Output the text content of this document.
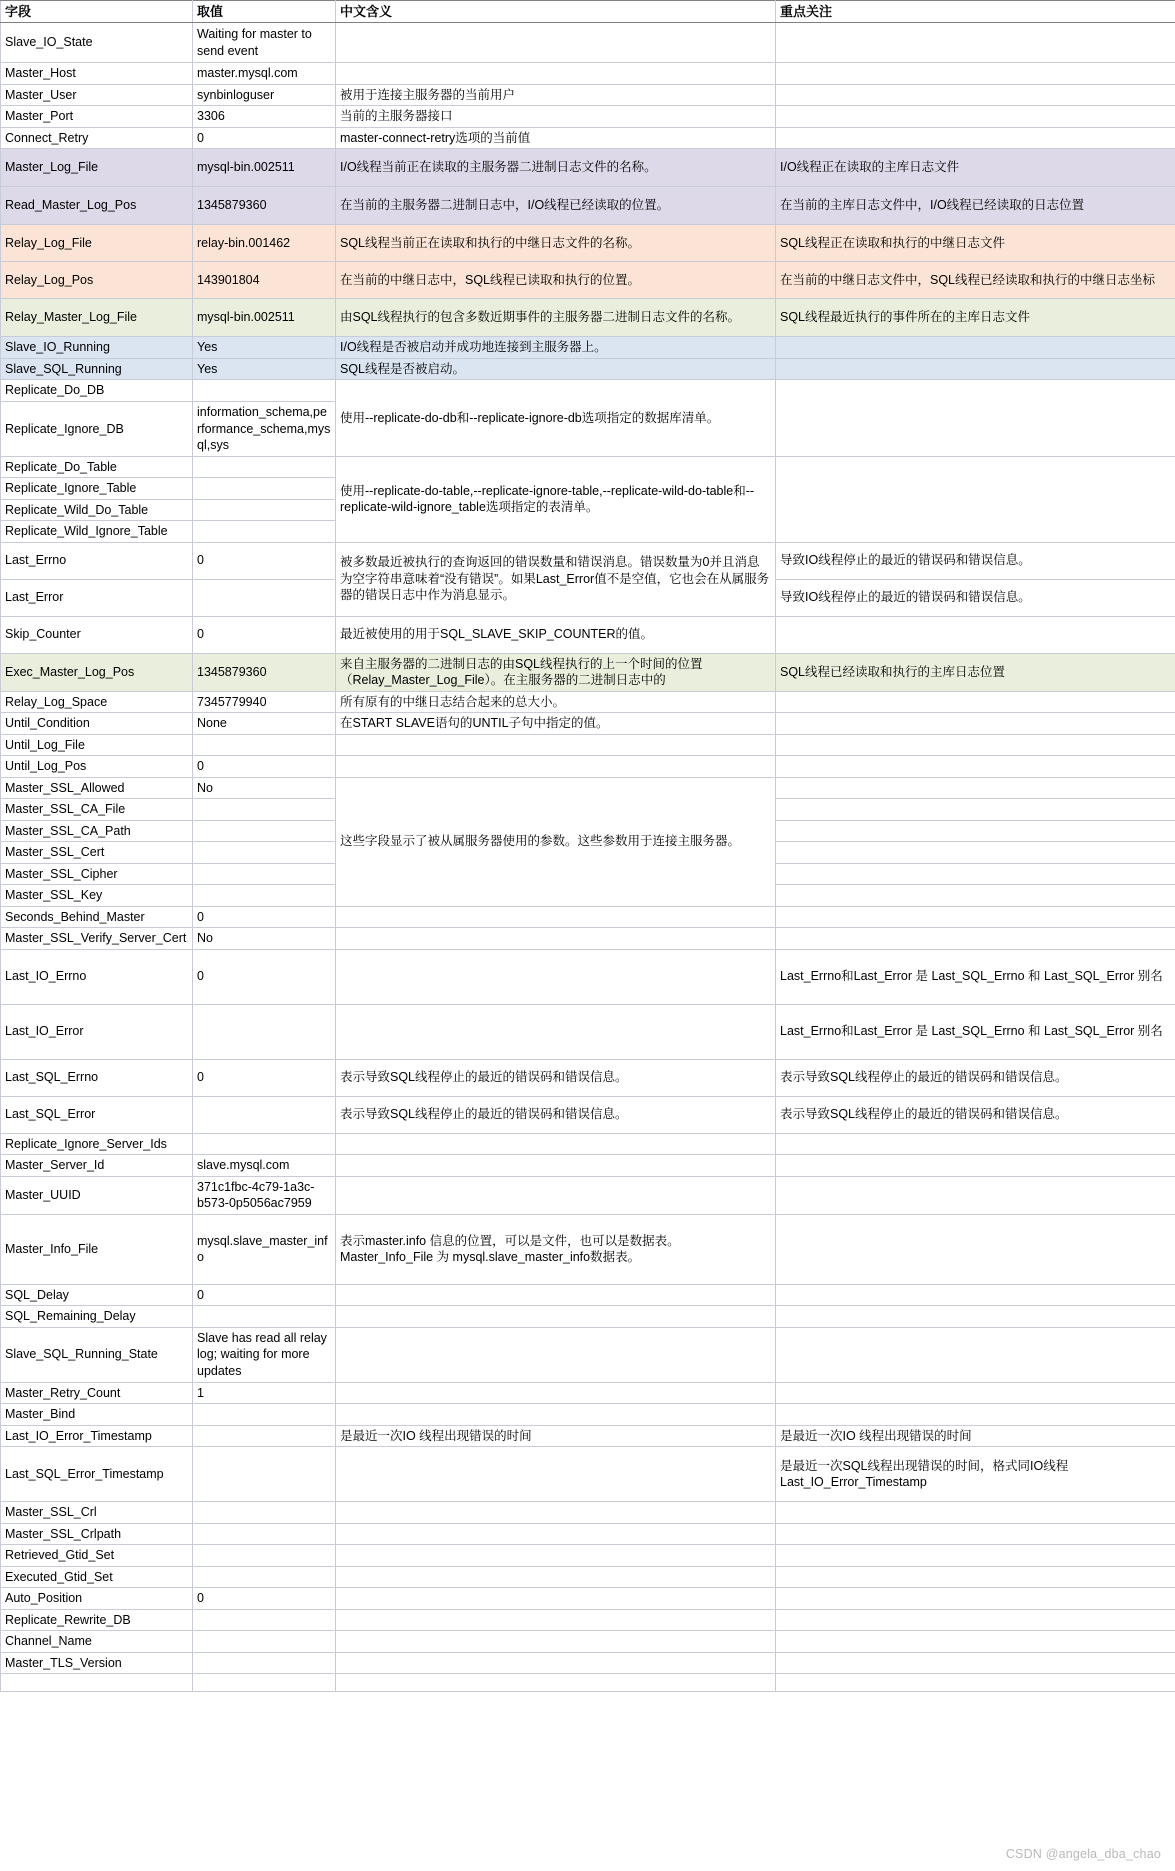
字段	取值	中文含义	重点关注
Slave_IO_State	Waiting for master to send event		
Master_Host	master.mysql.com		
Master_User	synbinloguser	被用于连接主服务器的当前用户	
Master_Port	3306	当前的主服务器接口	
Connect_Retry	0	master-connect-retry选项的当前值	
Master_Log_File	mysql-bin.002511	I/O线程当前正在读取的主服务器二进制日志文件的名称。	I/O线程正在读取的主库日志文件
Read_Master_Log_Pos	1345879360	在当前的主服务器二进制日志中，I/O线程已经读取的位置。	在当前的主库日志文件中，I/O线程已经读取的日志位置
Relay_Log_File	relay-bin.001462	SQL线程当前正在读取和执行的中继日志文件的名称。	SQL线程正在读取和执行的中继日志文件
Relay_Log_Pos	143901804	在当前的中继日志中，SQL线程已读取和执行的位置。	在当前的中继日志文件中，SQL线程已经读取和执行的中继日志坐标
Relay_Master_Log_File	mysql-bin.002511	由SQL线程执行的包含多数近期事件的主服务器二进制日志文件的名称。	SQL线程最近执行的事件所在的主库日志文件
Slave_IO_Running	Yes	I/O线程是否被启动并成功地连接到主服务器上。	
Slave_SQL_Running	Yes	SQL线程是否被启动。	
Replicate_Do_DB		使用--replicate-do-db和--replicate-ignore-db选项指定的数据库清单。	
Replicate_Ignore_DB	information_schema,performance_schema,mysql,sys		
Replicate_Do_Table		使用--replicate-do-table,--replicate-ignore-table,--replicate-wild-do-table和--replicate-wild-ignore_table选项指定的表清单。	
Replicate_Ignore_Table			
Replicate_Wild_Do_Table			
Replicate_Wild_Ignore_Table			
Last_Errno	0	被多数最近被执行的查询返回的错误数量和错误消息。错误数量为0并且消息为空字符串意味着“没有错误”。如果Last_Error值不是空值，它也会在从属服务器的错误日志中作为消息显示。	导致IO线程停止的最近的错误码和错误信息。
Last_Error			导致IO线程停止的最近的错误码和错误信息。
Skip_Counter	0	最近被使用的用于SQL_SLAVE_SKIP_COUNTER的值。	
Exec_Master_Log_Pos	1345879360	来自主服务器的二进制日志的由SQL线程执行的上一个时间的位置（Relay_Master_Log_File）。在主服务器的二进制日志中的	SQL线程已经读取和执行的主库日志位置
Relay_Log_Space	7345779940	所有原有的中继日志结合起来的总大小。	
Until_Condition	None	在START SLAVE语句的UNTIL子句中指定的值。	
Until_Log_File			
Until_Log_Pos	0		
Master_SSL_Allowed	No	这些字段显示了被从属服务器使用的参数。这些参数用于连接主服务器。	
Master_SSL_CA_File			
Master_SSL_CA_Path			
Master_SSL_Cert			
Master_SSL_Cipher			
Master_SSL_Key			
Seconds_Behind_Master	0		
Master_SSL_Verify_Server_Cert	No		
Last_IO_Errno	0		Last_Errno和Last_Error 是 Last_SQL_Errno 和 Last_SQL_Error 别名
Last_IO_Error			Last_Errno和Last_Error 是 Last_SQL_Errno 和 Last_SQL_Error 别名
Last_SQL_Errno	0	表示导致SQL线程停止的最近的错误码和错误信息。	表示导致SQL线程停止的最近的错误码和错误信息。
Last_SQL_Error		表示导致SQL线程停止的最近的错误码和错误信息。	表示导致SQL线程停止的最近的错误码和错误信息。
Replicate_Ignore_Server_Ids			
Master_Server_Id	slave.mysql.com		
Master_UUID	371c1fbc-4c79-1a3c-b573-0p5056ac7959		
Master_Info_File	mysql.slave_master_info	表示master.info 信息的位置，可以是文件，也可以是数据表。
Master_Info_File 为 mysql.slave_master_info数据表。	
SQL_Delay	0		
SQL_Remaining_Delay			
Slave_SQL_Running_State	Slave has read all relay log; waiting for more updates		
Master_Retry_Count	1		
Master_Bind			
Last_IO_Error_Timestamp		是最近一次IO 线程出现错误的时间	是最近一次IO 线程出现错误的时间
Last_SQL_Error_Timestamp			是最近一次SQL线程出现错误的时间，格式同IO线程 Last_IO_Error_Timestamp
Master_SSL_Crl			
Master_SSL_Crlpath			
Retrieved_Gtid_Set			
Executed_Gtid_Set			
Auto_Position	0		
Replicate_Rewrite_DB			
Channel_Name			
Master_TLS_Version			

CSDN @angela_dba_chao
